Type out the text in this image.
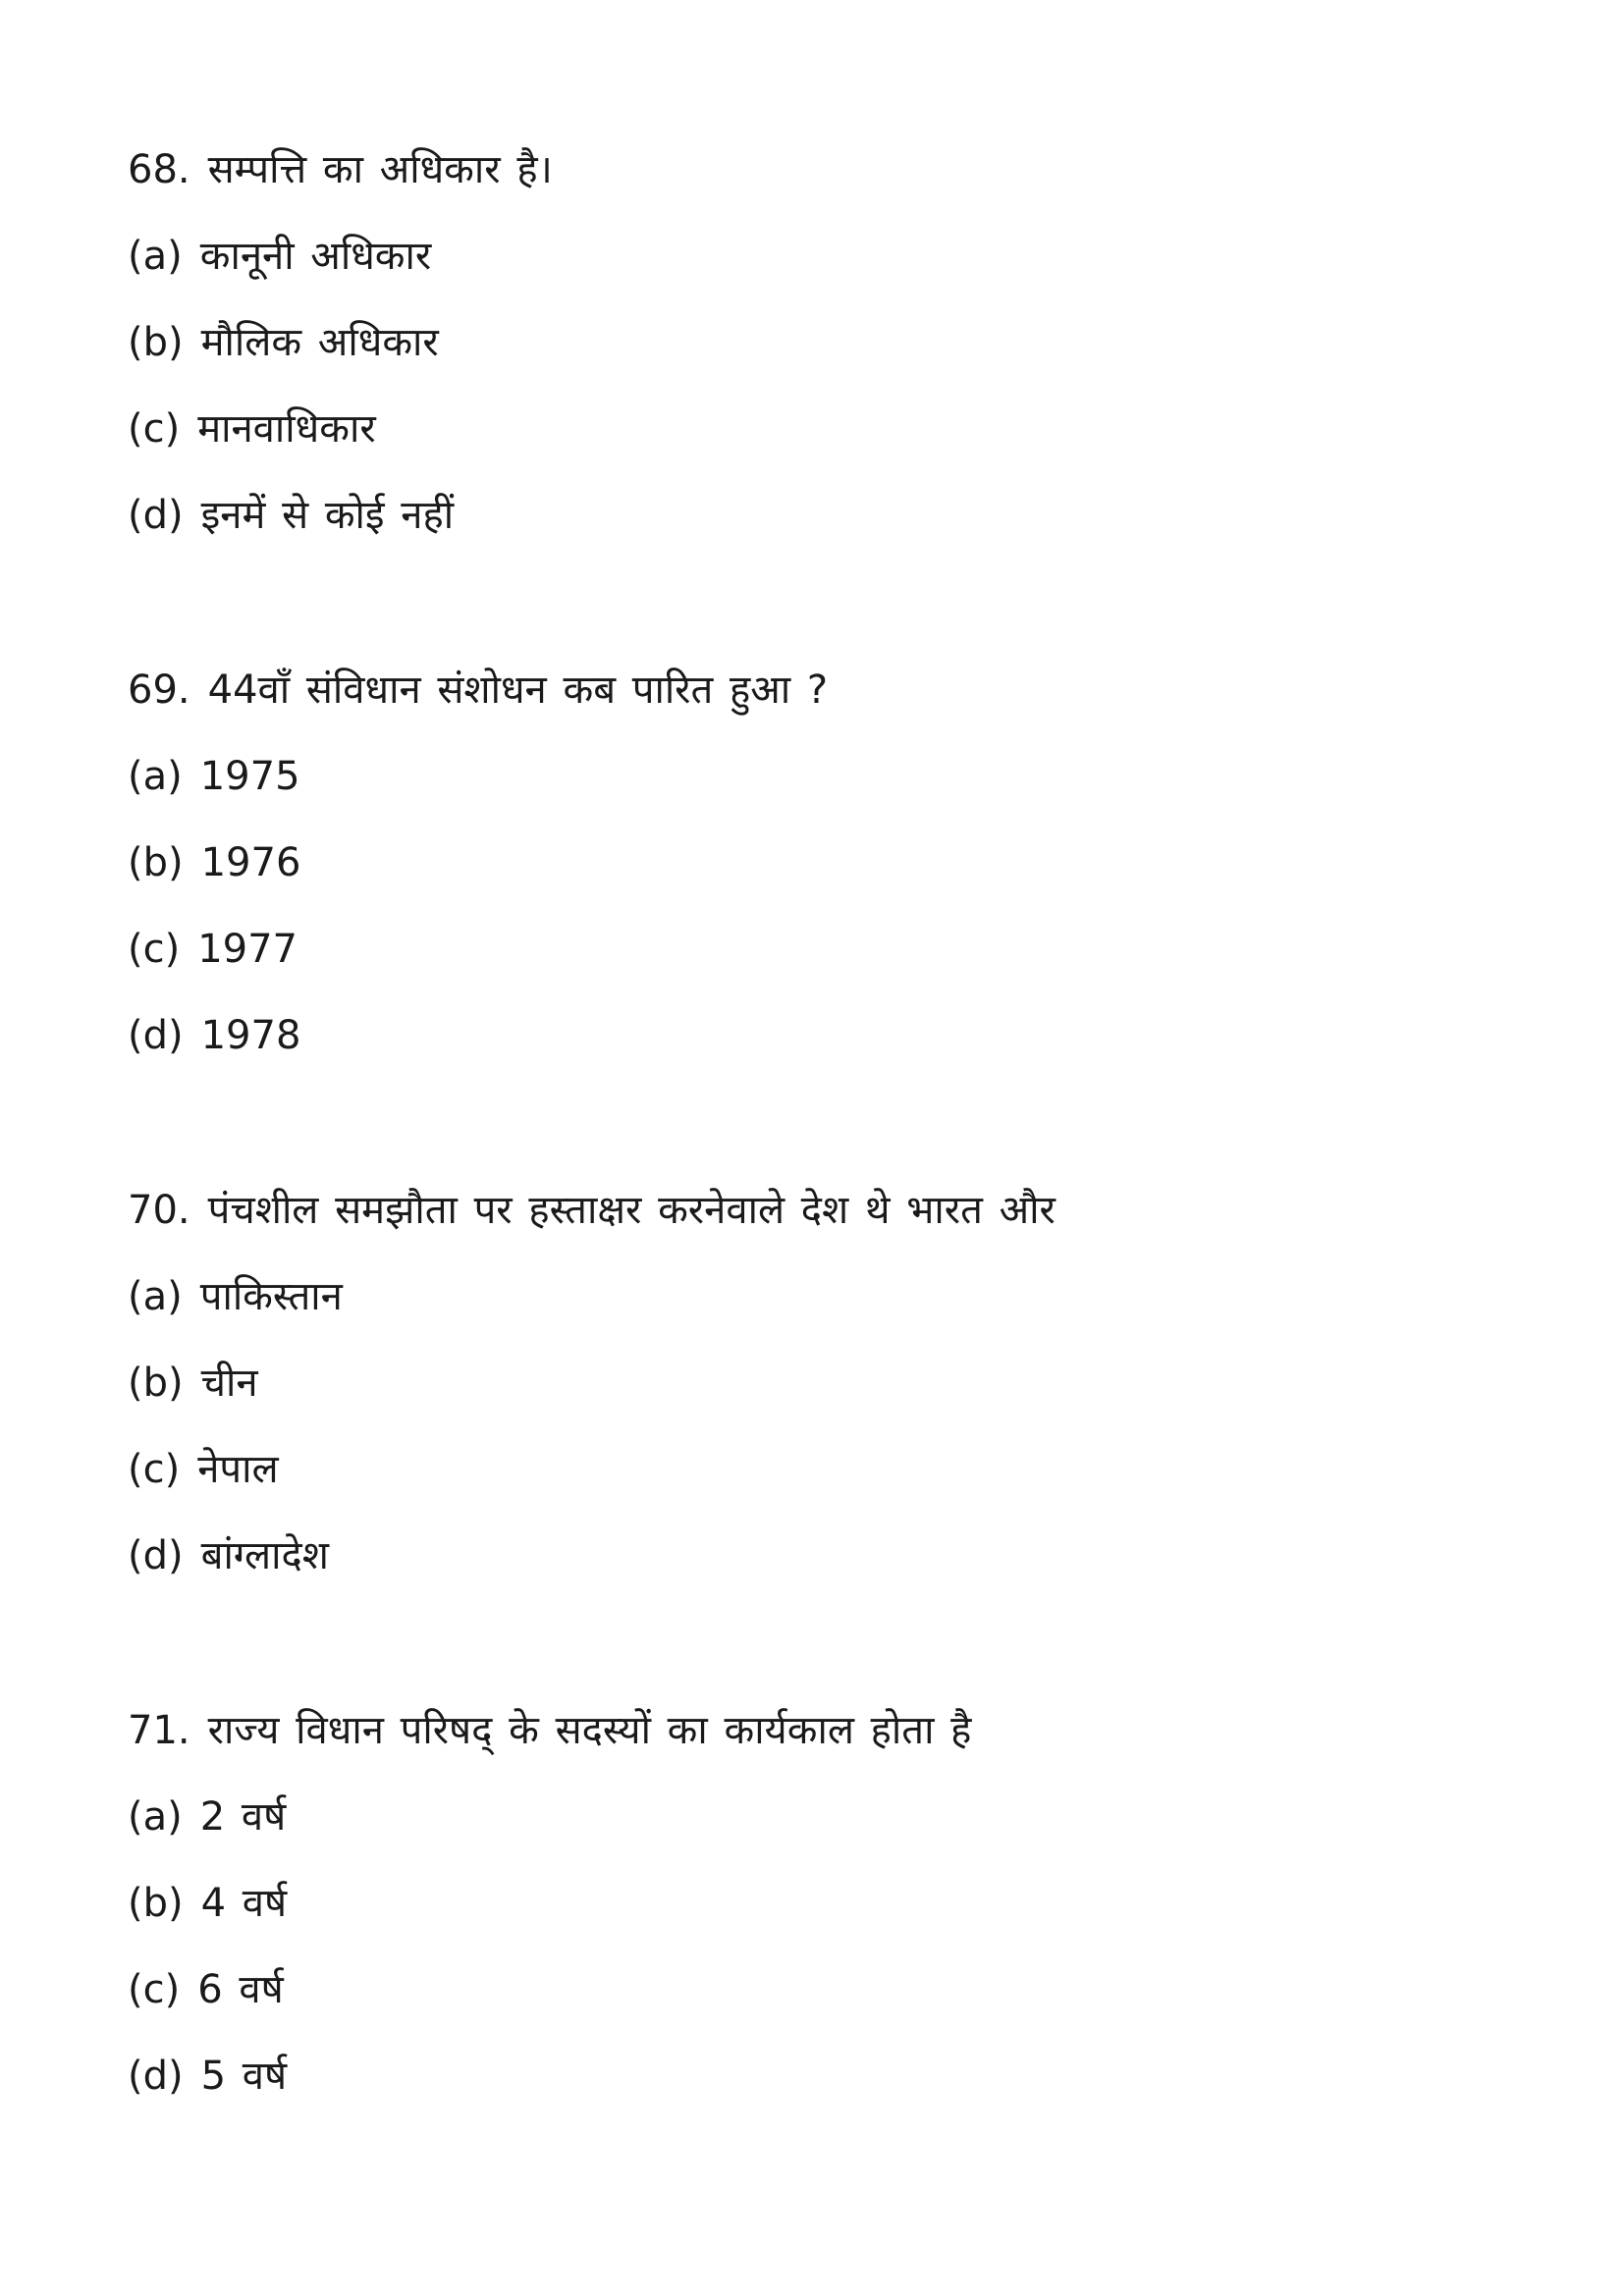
68. सम्पत्ति का अधिकार है।
(a) कानूनी अधिकार
(b) मौलिक अधिकार
(c) मानवाधिकार
(d) इनमें से कोई नहीं
69. 44वाँ संविधान संशोधन कब पारित हुआ ?
(a) 1975
(b) 1976
(c) 1977
(d) 1978
70. पंचशील समझौता पर हस्ताक्षर करनेवाले देश थे भारत और
(a) पाकिस्तान
(b) चीन
(c) नेपाल
(d) बांग्लादेश
71. राज्य विधान परिषद् के सदस्यों का कार्यकाल होता है
(a) 2 वर्ष
(b) 4 वर्ष
(c) 6 वर्ष
(d) 5 वर्ष
